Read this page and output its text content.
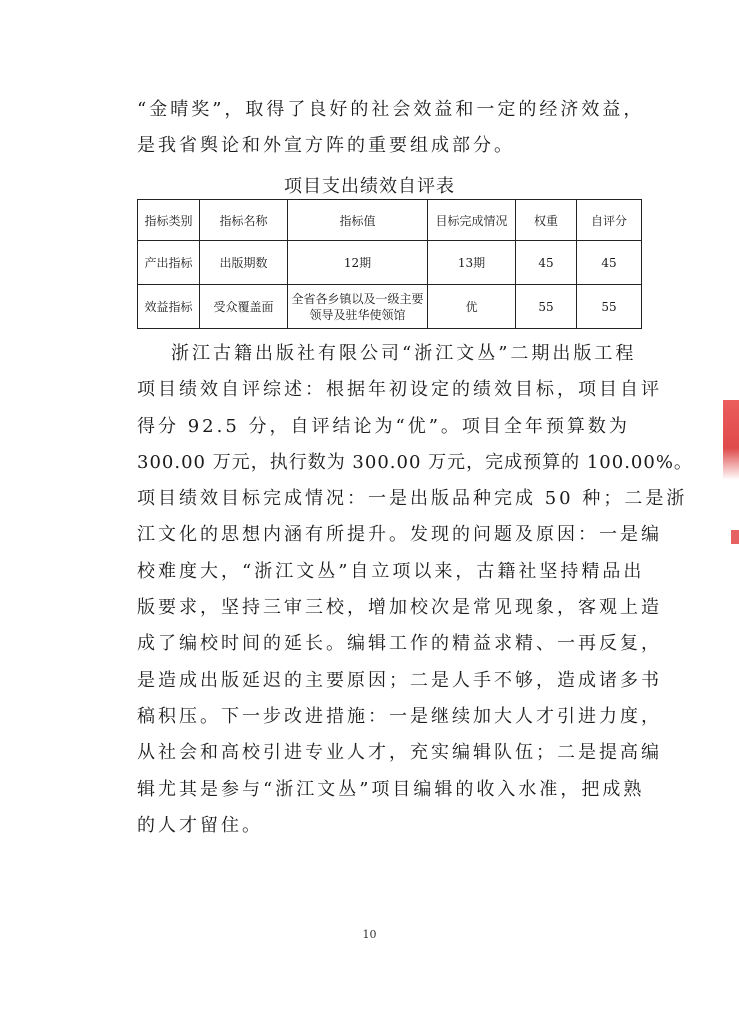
“金晴奖”，取得了良好的社会效益和一定的经济效益，
是我省舆论和外宣方阵的重要组成部分。
项目支出绩效自评表
指标类别	指标名称	指标值	目标完成情况	权重	自评分
产出指标	出版期数	12期	13期	45	45
效益指标	受众覆盖面	全省各乡镇以及一级主要领导及驻华使领馆	优	55	55
浙江古籍出版社有限公司“浙江文丛”二期出版工程
项目绩效自评综述：根据年初设定的绩效目标，项目自评
得分 92.5 分，自评结论为“优”。项目全年预算数为
300.00 万元，执行数为 300.00 万元，完成预算的 100.00%。
项目绩效目标完成情况：一是出版品种完成 50 种；二是浙
江文化的思想内涵有所提升。发现的问题及原因：一是编
校难度大，“浙江文丛”自立项以来，古籍社坚持精品出
版要求，坚持三审三校，增加校次是常见现象，客观上造
成了编校时间的延长。编辑工作的精益求精、一再反复，
是造成出版延迟的主要原因；二是人手不够，造成诸多书
稿积压。下一步改进措施：一是继续加大人才引进力度，
从社会和高校引进专业人才，充实编辑队伍；二是提高编
辑尤其是参与“浙江文丛”项目编辑的收入水准，把成熟
的人才留住。
10
